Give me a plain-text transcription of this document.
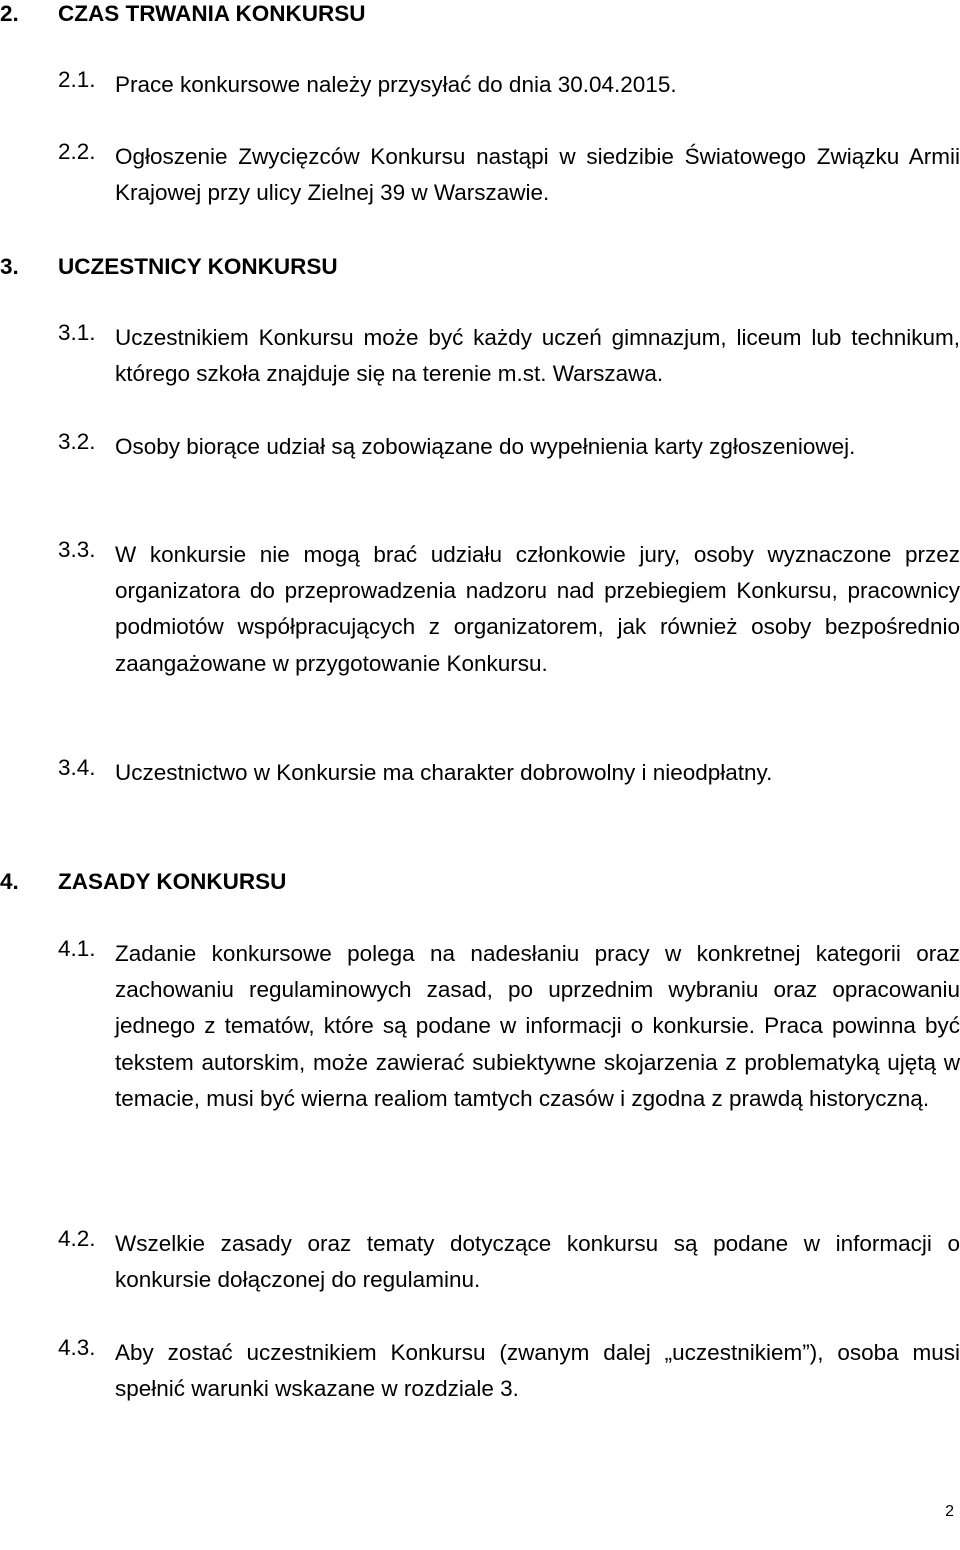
2. CZAS TRWANIA KONKURSU
2.1. Prace konkursowe należy przysyłać do dnia 30.04.2015.
2.2. Ogłoszenie Zwycięzców Konkursu nastąpi w siedzibie Światowego Związku Armii Krajowej przy ulicy Zielnej 39 w Warszawie.
3. UCZESTNICY KONKURSU
3.1. Uczestnikiem Konkursu może być każdy uczeń gimnazjum, liceum lub technikum, którego szkoła znajduje się na terenie m.st. Warszawa.
3.2. Osoby biorące udział są zobowiązane do wypełnienia karty zgłoszeniowej.
3.3. W konkursie nie mogą brać udziału członkowie jury, osoby wyznaczone przez organizatora do przeprowadzenia nadzoru nad przebiegiem Konkursu, pracownicy podmiotów współpracujących z organizatorem, jak również osoby bezpośrednio zaangażowane w przygotowanie Konkursu.
3.4. Uczestnictwo w Konkursie ma charakter dobrowolny i nieodpłatny.
4. ZASADY KONKURSU
4.1. Zadanie konkursowe polega na nadesłaniu pracy w konkretnej kategorii oraz zachowaniu regulaminowych zasad, po uprzednim wybraniu oraz opracowaniu jednego z tematów, które są podane w informacji o konkursie. Praca powinna być tekstem autorskim, może zawierać subiektywne skojarzenia z problematyką ujętą w temacie, musi być wierna realiom tamtych czasów i zgodna z prawdą historyczną.
4.2. Wszelkie zasady oraz tematy dotyczące konkursu są podane w informacji o konkursie dołączonej do regulaminu.
4.3. Aby zostać uczestnikiem Konkursu (zwanym dalej „uczestnikiem”), osoba musi spełnić warunki wskazane w rozdziale 3.
2
